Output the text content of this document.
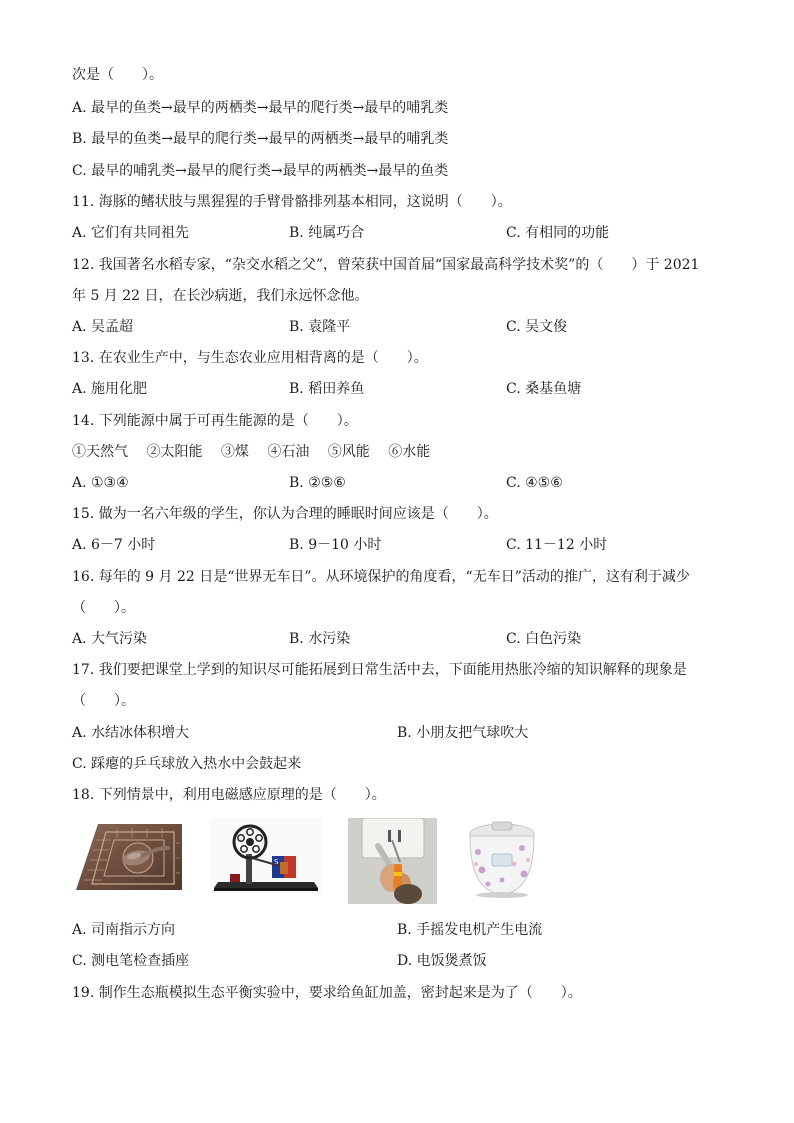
次是（　　）。
A. 最早的鱼类→最早的两栖类→最早的爬行类→最早的哺乳类
B. 最早的鱼类→最早的爬行类→最早的两栖类→最早的哺乳类
C. 最早的哺乳类→最早的爬行类→最早的两栖类→最早的鱼类
11. 海豚的鳍状肢与黑猩猩的手臂骨骼排列基本相同，这说明（　　）。
A. 它们有共同祖先	B. 纯属巧合	C. 有相同的功能
12. 我国著名水稻专家，“杂交水稻之父”，曾荣获中国首届“国家最高科学技术奖”的（　　）于 2021
年 5 月 22 日，在长沙病逝，我们永远怀念他。
A. 吴孟超	B. 袁隆平	C. 吴文俊
13. 在农业生产中，与生态农业应用相背离的是（　　）。
A. 施用化肥	B. 稻田养鱼	C. 桑基鱼塘
14. 下列能源中属于可再生能源的是（　　）。
①天然气　 ②太阳能　 ③煤　 ④石油　 ⑤风能　 ⑥水能
A. ①③④	B. ②⑤⑥	C. ④⑤⑥
15. 做为一名六年级的学生，你认为合理的睡眠时间应该是（　　）。
A. 6－7 小时	B. 9－10 小时	C. 11－12 小时
16. 每年的 9 月 22 日是“世界无车日”。从环境保护的角度看，“无车日”活动的推广，这有利于减少
（　　）。
A. 大气污染	B. 水污染	C. 白色污染
17. 我们要把课堂上学到的知识尽可能拓展到日常生活中去，下面能用热胀冷缩的知识解释的现象是
（　　）。
A. 水结冰体积增大	B. 小朋友把气球吹大
C. 踩瘪的乒乓球放入热水中会鼓起来
18. 下列情景中，利用电磁感应原理的是（　　）。
S
A. 司南指示方向	B. 手摇发电机产生电流
C. 测电笔检查插座	D. 电饭煲煮饭
19. 制作生态瓶模拟生态平衡实验中，要求给鱼缸加盖，密封起来是为了（　　）。
